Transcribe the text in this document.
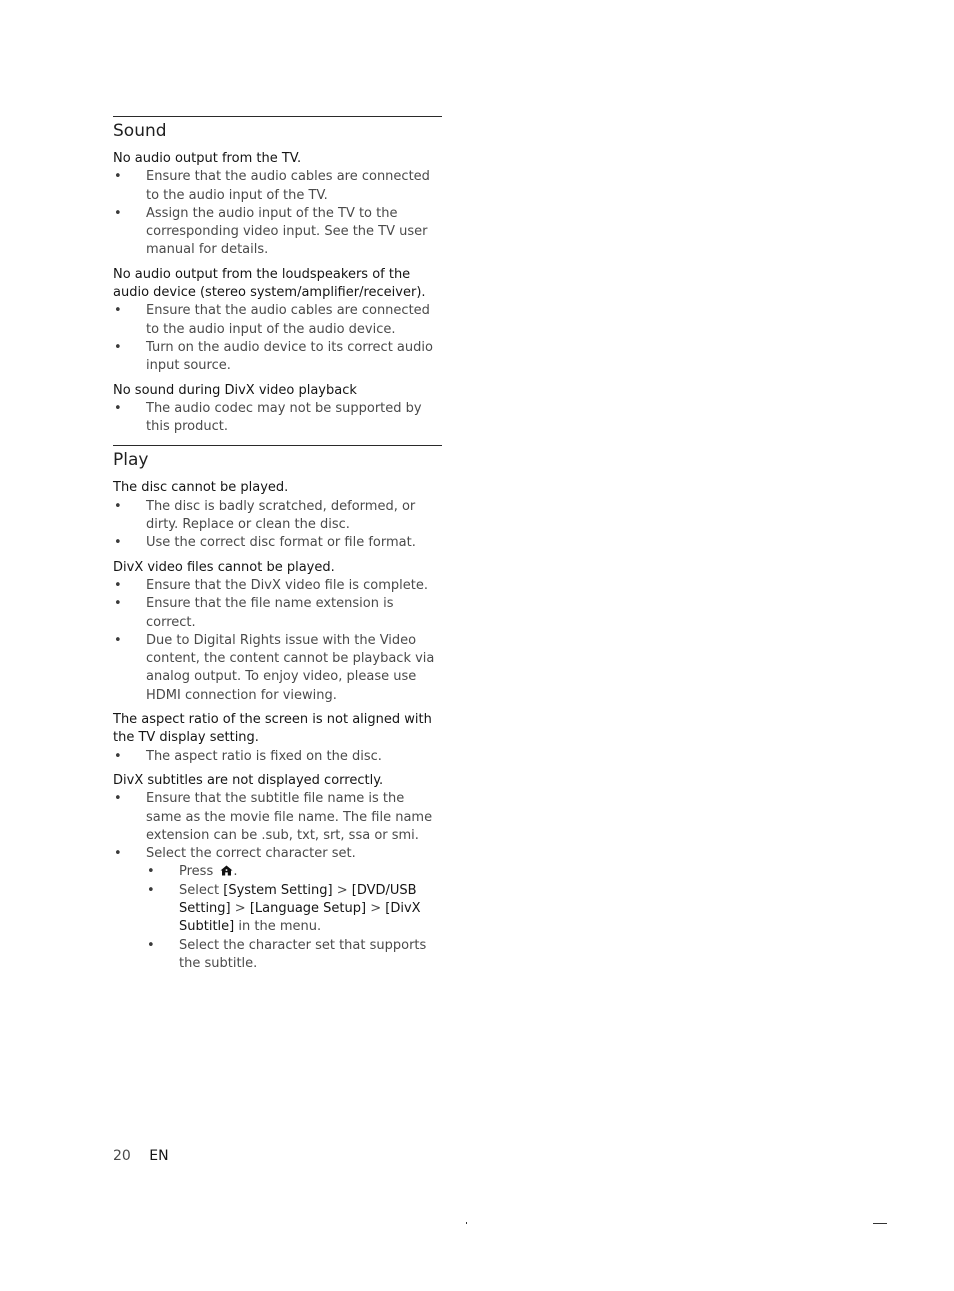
Sound
No audio output from the TV.
• Ensure that the audio cables are connected to the audio input of the TV.
• Assign the audio input of the TV to the corresponding video input. See the TV user manual for details.
No audio output from the loudspeakers of the audio device (stereo system/amplifier/receiver).
• Ensure that the audio cables are connected to the audio input of the audio device.
• Turn on the audio device to its correct audio input source.
No sound during DivX video playback
• The audio codec may not be supported by this product.
Play
The disc cannot be played.
• The disc is badly scratched, deformed, or dirty. Replace or clean the disc.
• Use the correct disc format or file format.
DivX video files cannot be played.
• Ensure that the DivX video file is complete.
• Ensure that the file name extension is correct.
• Due to Digital Rights issue with the Video content, the content cannot be playback via analog output. To enjoy video, please use HDMI connection for viewing.
The aspect ratio of the screen is not aligned with the TV display setting.
• The aspect ratio is fixed on the disc.
DivX subtitles are not displayed correctly.
• Ensure that the subtitle file name is the same as the movie file name. The file name extension can be .sub, txt, srt, ssa or smi.
• Select the correct character set.
• Press .
• Select [System Setting] > [DVD/USB Setting] > [Language Setup] > [DivX Subtitle] in the menu.
• Select the character set that supports the subtitle.
20 EN
